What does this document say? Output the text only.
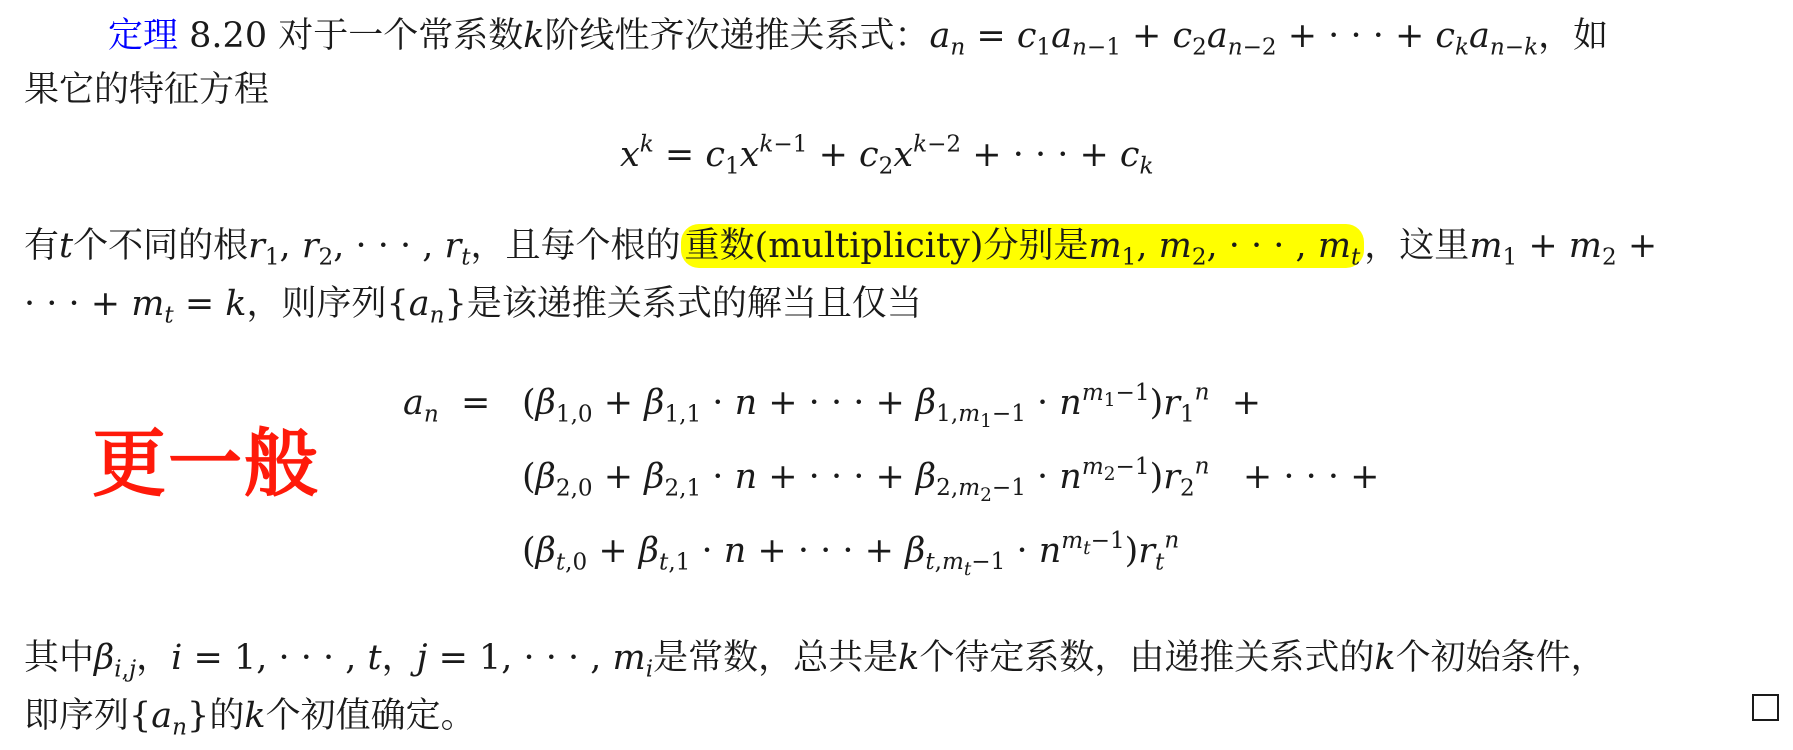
定理 8.20 对于一个常系数k阶线性齐次递推关系式：$a_n = c_1a_{n-1} + c_2a_{n-2}$ + · · · + $c_ka_{n-k}$，如
果它的特征方程
$x^k = c_1x^{k-1} + c_2x^{k-2}$ + · · · + $c_k$
有t个不同的根$r_1$, $r_2$, · · · , $r_t$，且每个根的 重数(multiplicity)分别是$m_1$, $m_2$, · · · , $m_t$ ，这里$m_1 + m_2$ +
· · · + $m_t = k$，则序列$\{a_n\}$是该递推关系式的解当且仅当
更一般
$a_n = (\beta_{1,0} + \beta_{1,1} \cdot n$ + · · · + $\beta_{1,m_1-1} \cdot n^{m_1-1})r_1^n$  +
($\beta_{2,0} + \beta_{2,1} \cdot n$ + · · · + $\beta_{2,m_2-1} \cdot n^{m_2-1})r_2^n$   + · · · +
($\beta_{t,0} + \beta_{t,1} \cdot n$ + · · · + $\beta_{t,m_t-1} \cdot n^{m_t-1})r_t^n$
其中$\beta_{i,j}$，i = 1, · · · , t，j = 1, · · · , $m_i$是常数，总共是k个待定系数，由递推关系式的k个初始条件，
即序列$\{a_n\}$的k个初值确定。
